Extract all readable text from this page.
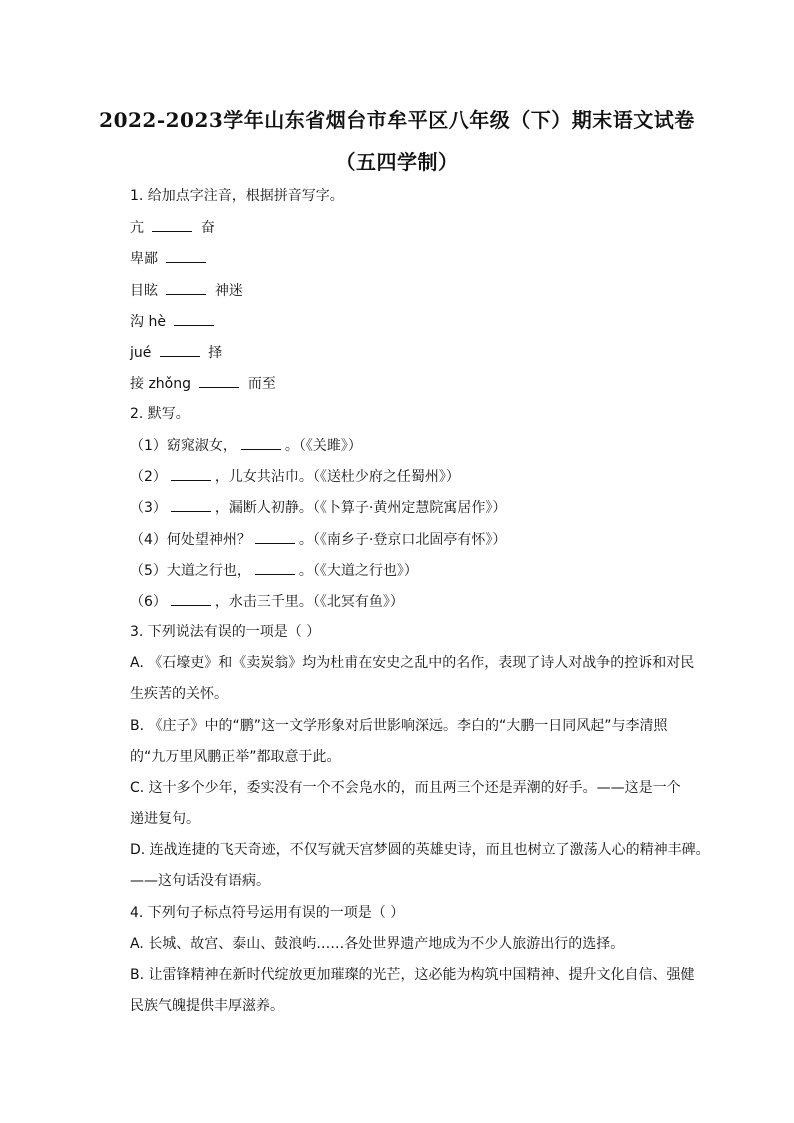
2022-2023学年山东省烟台市牟平区八年级（下）期末语文试卷
（五四学制）
1. 给加点字注音，根据拼音写字。
亢	奋
卑鄙
目眩	神迷
沟 hè
jué	择
接 zhǒng	而至
2. 默写。
（1）窈窕淑女，	。（《关雎》）
（2）	，儿女共沾巾。（《送杜少府之任蜀州》）
（3）	，漏断人初静。（《卜算子·黄州定慧院寓居作》）
（4）何处望神州？	。（《南乡子·登京口北固亭有怀》）
（5）大道之行也，	。（《大道之行也》）
（6）	，水击三千里。（《北冥有鱼》）
3. 下列说法有误的一项是（ ）
A. 《石壕吏》和《卖炭翁》均为杜甫在安史之乱中的名作，表现了诗人对战争的控诉和对民
生疾苦的关怀。
B. 《庄子》中的“鹏”这一文学形象对后世影响深远。李白的“大鹏一日同风起”与李清照
的“九万里风鹏正举”都取意于此。
C. 这十多个少年，委实没有一个不会凫水的，而且两三个还是弄潮的好手。——这是一个
递进复句。
D. 连战连捷的飞天奇迹，不仅写就天宫梦圆的英雄史诗，而且也树立了激荡人心的精神丰碑。
——这句话没有语病。
4. 下列句子标点符号运用有误的一项是（ ）
A. 长城、故宫、泰山、鼓浪屿……各处世界遗产地成为不少人旅游出行的选择。
B. 让雷锋精神在新时代绽放更加璀璨的光芒，这必能为构筑中国精神、提升文化自信、强健
民族气魄提供丰厚滋养。
